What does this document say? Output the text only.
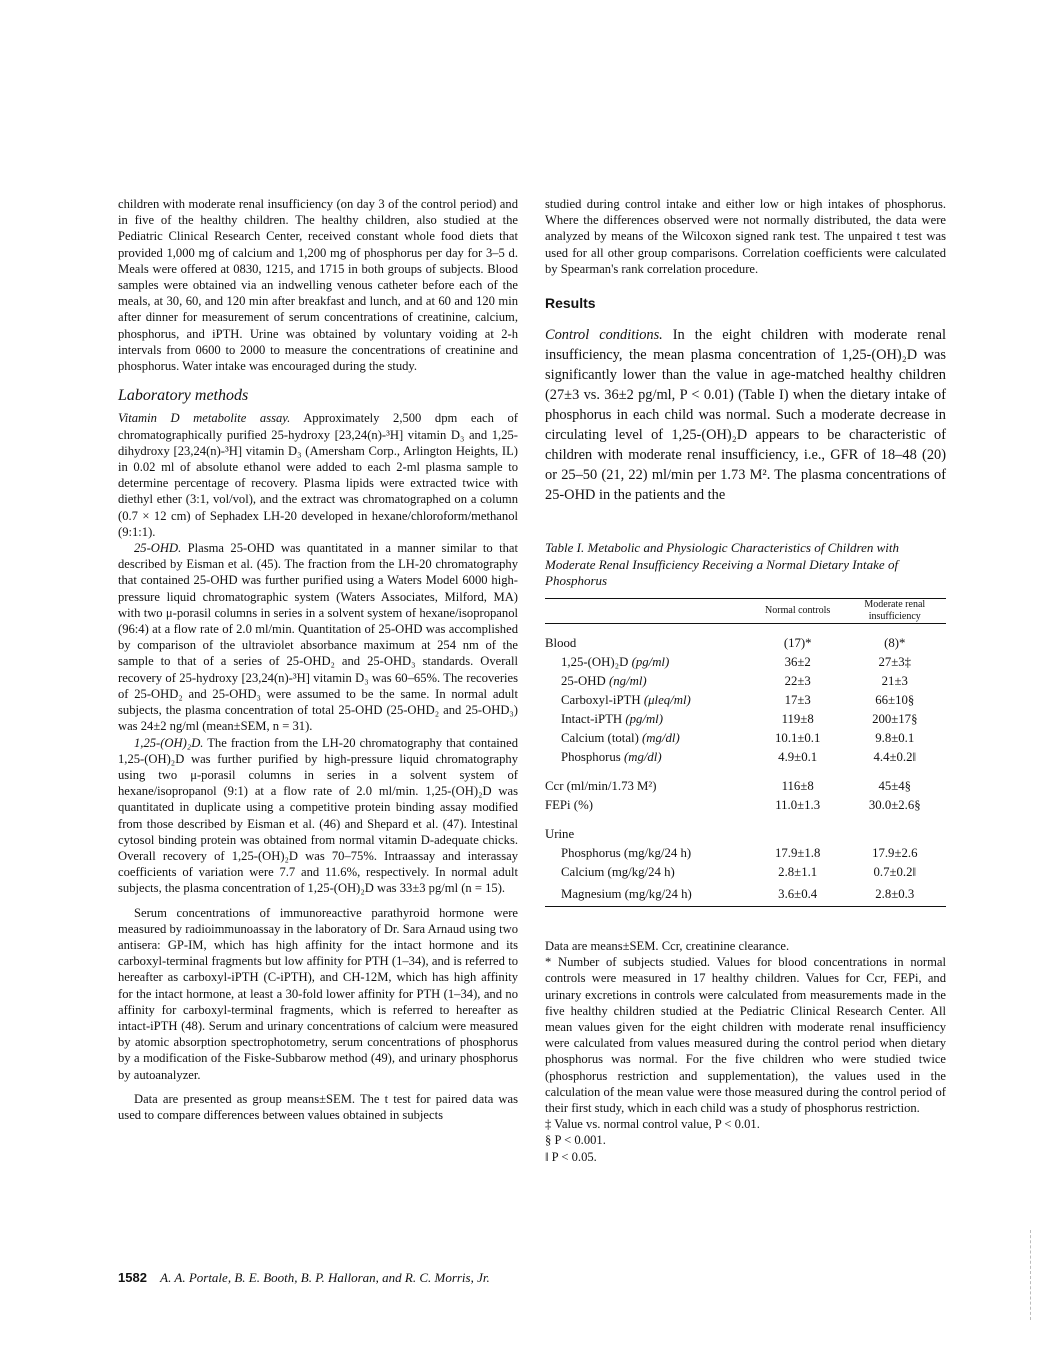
children with moderate renal insufficiency (on day 3 of the control period) and in five of the healthy children. The healthy children, also studied at the Pediatric Clinical Research Center, received constant whole food diets that provided 1,000 mg of calcium and 1,200 mg of phosphorus per day for 3–5 d. Meals were offered at 0830, 1215, and 1715 in both groups of subjects. Blood samples were obtained via an indwelling venous catheter before each of the meals, at 30, 60, and 120 min after breakfast and lunch, and at 60 and 120 min after dinner for measurement of serum concentrations of creatinine, calcium, phosphorus, and iPTH. Urine was obtained by voluntary voiding at 2-h intervals from 0600 to 2000 to measure the concentrations of creatinine and phosphorus. Water intake was encouraged during the study.

Laboratory methods

Vitamin D metabolite assay. Approximately 2,500 dpm each of chromatographically purified 25-hydroxy [23,24(n)-³H] vitamin D₃ and 1,25-dihydroxy [23,24(n)-³H] vitamin D₃ (Amersham Corp., Arlington Heights, IL) in 0.02 ml of absolute ethanol were added to each 2-ml plasma sample to determine percentage of recovery. Plasma lipids were extracted twice with diethyl ether (3:1, vol/vol), and the extract was chromatographed on a column (0.7 × 12 cm) of Sephadex LH-20 developed in hexane/chloroform/methanol (9:1:1).

25-OHD. Plasma 25-OHD was quantitated in a manner similar to that described by Eisman et al. (45). The fraction from the LH-20 chromatography that contained 25-OHD was further purified using a Waters Model 6000 high-pressure liquid chromatographic system (Waters Associates, Milford, MA) with two μ-porasil columns in series in a solvent system of hexane/isopropanol (96:4) at a flow rate of 2.0 ml/min. Quantitation of 25-OHD was accomplished by comparison of the ultraviolet absorbance maximum at 254 nm of the sample to that of a series of 25-OHD₂ and 25-OHD₃ standards. Overall recovery of 25-hydroxy [23,24(n)-³H] vitamin D₃ was 60–65%. The recoveries of 25-OHD₂ and 25-OHD₃ were assumed to be the same. In normal adult subjects, the plasma concentration of total 25-OHD (25-OHD₂ and 25-OHD₃) was 24±2 ng/ml (mean±SEM, n = 31).

1,25-(OH)₂D. The fraction from the LH-20 chromatography that contained 1,25-(OH)₂D was further purified by high-pressure liquid chromatography using two μ-porasil columns in series in a solvent system of hexane/isopropanol (9:1) at a flow rate of 2.0 ml/min. 1,25-(OH)₂D was quantitated in duplicate using a competitive protein binding assay modified from those described by Eisman et al. (46) and Shepard et al. (47). Intestinal cytosol binding protein was obtained from normal vitamin D-adequate chicks. Overall recovery of 1,25-(OH)₂D was 70–75%. Intraassay and interassay coefficients of variation were 7.7 and 11.6%, respectively. In normal adult subjects, the plasma concentration of 1,25-(OH)₂D was 33±3 pg/ml (n = 15).

Serum concentrations of immunoreactive parathyroid hormone were measured by radioimmunoassay in the laboratory of Dr. Sara Arnaud using two antisera: GP-IM, which has high affinity for the intact hormone and its carboxyl-terminal fragments but low affinity for PTH (1–34), and is referred to hereafter as carboxyl-iPTH (C-iPTH), and CH-12M, which has high affinity for the intact hormone, at least a 30-fold lower affinity for PTH (1–34), and no affinity for carboxyl-terminal fragments, which is referred to hereafter as intact-iPTH (48). Serum and urinary concentrations of calcium were measured by atomic absorption spectrophotometry, serum concentrations of phosphorus by a modification of the Fiske-Subbarow method (49), and urinary phosphorus by autoanalyzer.

Data are presented as group means±SEM. The t test for paired data was used to compare differences between values obtained in subjects

studied during control intake and either low or high intakes of phosphorus. Where the differences observed were not normally distributed, the data were analyzed by means of the Wilcoxon signed rank test. The unpaired t test was used for all other group comparisons. Correlation coefficients were calculated by Spearman's rank correlation procedure.

Results

Control conditions. In the eight children with moderate renal insufficiency, the mean plasma concentration of 1,25-(OH)₂D was significantly lower than the value in age-matched healthy children (27±3 vs. 36±2 pg/ml, P < 0.01) (Table I) when the dietary intake of phosphorus in each child was normal. Such a moderate decrease in circulating level of 1,25-(OH)₂D appears to be characteristic of children with moderate renal insufficiency, i.e., GFR of 18–48 (20) or 25–50 (21, 22) ml/min per 1.73 M². The plasma concentrations of 25-OHD in the patients and the

Table I. Metabolic and Physiologic Characteristics of Children with Moderate Renal Insufficiency Receiving a Normal Dietary Intake of Phosphorus
	Normal controls	Moderate renal insufficiency

Blood	(17)*	(8)*
1,25-(OH)₂D (pg/ml)	36±2	27±3‡
25-OHD (ng/ml)	22±3	21±3
Carboxyl-iPTH (μleq/ml)	17±3	66±10§
Intact-iPTH (pg/ml)	119±8	200±17§
Calcium (total) (mg/dl)	10.1±0.1	9.8±0.1
Phosphorus (mg/dl)	4.9±0.1	4.4±0.2ǁ

Ccr (ml/min/1.73 M²)	116±8	45±4§
FEPi (%)	11.0±1.3	30.0±2.6§

Urine		
Phosphorus (mg/kg/24 h)	17.9±1.8	17.9±2.6
Calcium (mg/kg/24 h)	2.8±1.1	0.7±0.2ǁ
Magnesium (mg/kg/24 h)	3.6±0.4	2.8±0.3

Data are means±SEM. Ccr, creatinine clearance.

* Number of subjects studied. Values for blood concentrations in normal controls were measured in 17 healthy children. Values for Ccr, FEPi, and urinary excretions in controls were calculated from measurements made in the five healthy children studied at the Pediatric Clinical Research Center. All mean values given for the eight children with moderate renal insufficiency were calculated from values measured during the control period when dietary phosphorus was normal. For the five children who were studied twice (phosphorus restriction and supplementation), the values used in the calculation of the mean value were those measured during the control period of their first study, which in each child was a study of phosphorus restriction.

‡ Value vs. normal control value, P < 0.01.

§ P < 0.001.

ǁ P < 0.05.

1582 A. A. Portale, B. E. Booth, B. P. Halloran, and R. C. Morris, Jr.
